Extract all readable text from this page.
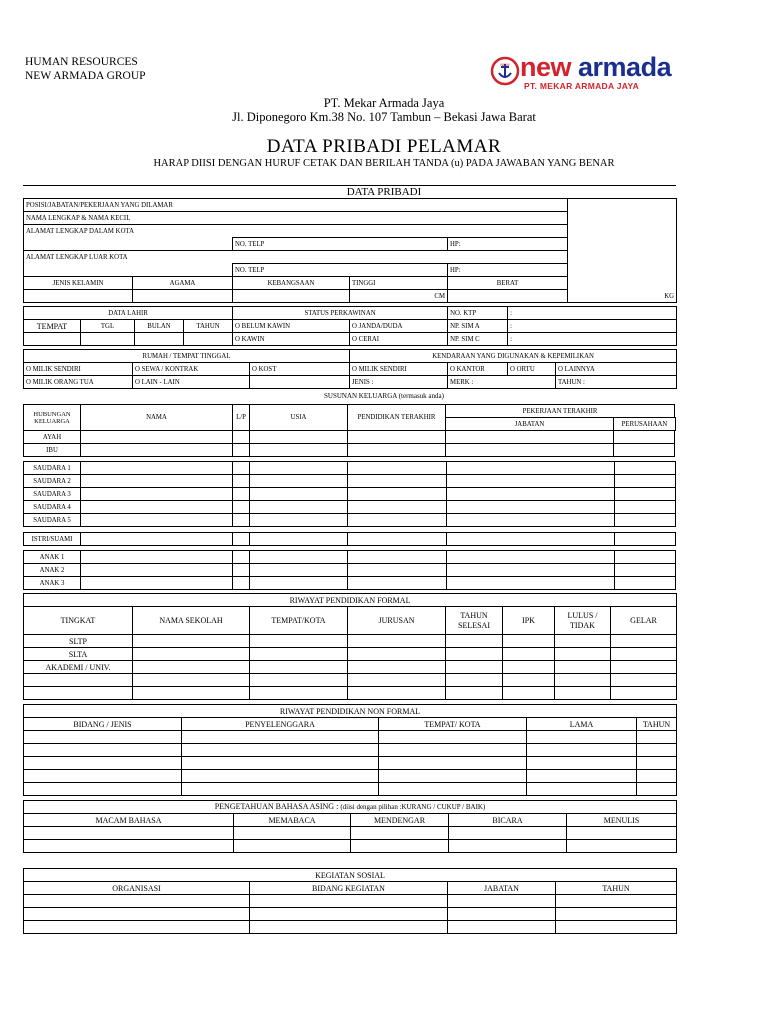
HUMAN RESOURCES
NEW ARMADA GROUP
NEW new armada
PT. MEKAR ARMADA JAYA
PT. Mekar Armada Jaya
Jl. Diponegoro Km.38 No. 107 Tambun – Bekasi Jawa Barat
DATA PRIBADI PELAMAR
HARAP DIISI DENGAN HURUF CETAK DAN BERILAH TANDA (u) PADA JAWABAN YANG BENAR
DATA PRIBADI
POSISI/JABATAN/PEKERJAAN YANG DILAMAR					
NAMA LENGKAP & NAMA KECIL					
ALAMAT LENGKAP DALAM KOTA					
		NO. TELP		HP:	
ALAMAT LENGKAP LUAR KOTA					
		NO. TELP		HP:	
JENIS KELAMIN	AGAMA	KEBANGSAAN	TINGGI	BERAT	
			CM	KG	
DATA LAHIR				STATUS PERKAWINAN		NO. KTP	:
TEMPAT	TGL	BULAN	TAHUN	O BELUM KAWIN	O JANDA/DUDA	NP. SIM A	:
				O KAWIN	O CERAI	NP. SIM C	:
RUMAH / TEMPAT TINGGAL			KENDARAAN YANG DIGUNAKAN & KEPEMILIKAN			
O MILIK SENDIRI	O SEWA / KONTRAK	O KOST	O MILIK SENDIRI	O KANTOR	O ORTU	O LAINNYA
O MILIK ORANG TUA	O LAIN - LAIN		JENIS :	MERK :		TAHUN :
SUSUNAN KELUARGA (termasuk anda)
HUBUNGAN KELUARGA	NAMA	L/P	USIA	PENDIDIKAN TERAKHIR	PEKERJAAN TERAKHIR	
					JABATAN	PERUSAHAAN
AYAH						
IBU						
SAUDARA 1						
SAUDARA 2						
SAUDARA 3						
SAUDARA 4						
SAUDARA 5						
ISTRI/SUAMI						
ANAK 1						
ANAK 2						
ANAK 3						
RIWAYAT PENDIDIKAN FORMAL							
TINGKAT	NAMA SEKOLAH	TEMPAT/KOTA	JURUSAN	TAHUN SELESAI	IPK	LULUS / TIDAK	GELAR
SLTP							
SLTA							
AKADEMI / UNIV.							

RIWAYAT PENDIDIKAN NON FORMAL				
BIDANG / JENIS	PENYELENGGARA	TEMPAT/ KOTA	LAMA	TAHUN

PENGETAHUAN BAHASA ASING : (diisi dengan pilihan :KURANG / CUKUP / BAIK)				
MACAM BAHASA	MEMABACA	MENDENGAR	BICARA	MENULIS

KEGIATAN SOSIAL			
ORGANISASI	BIDANG KEGIATAN	JABATAN	TAHUN
